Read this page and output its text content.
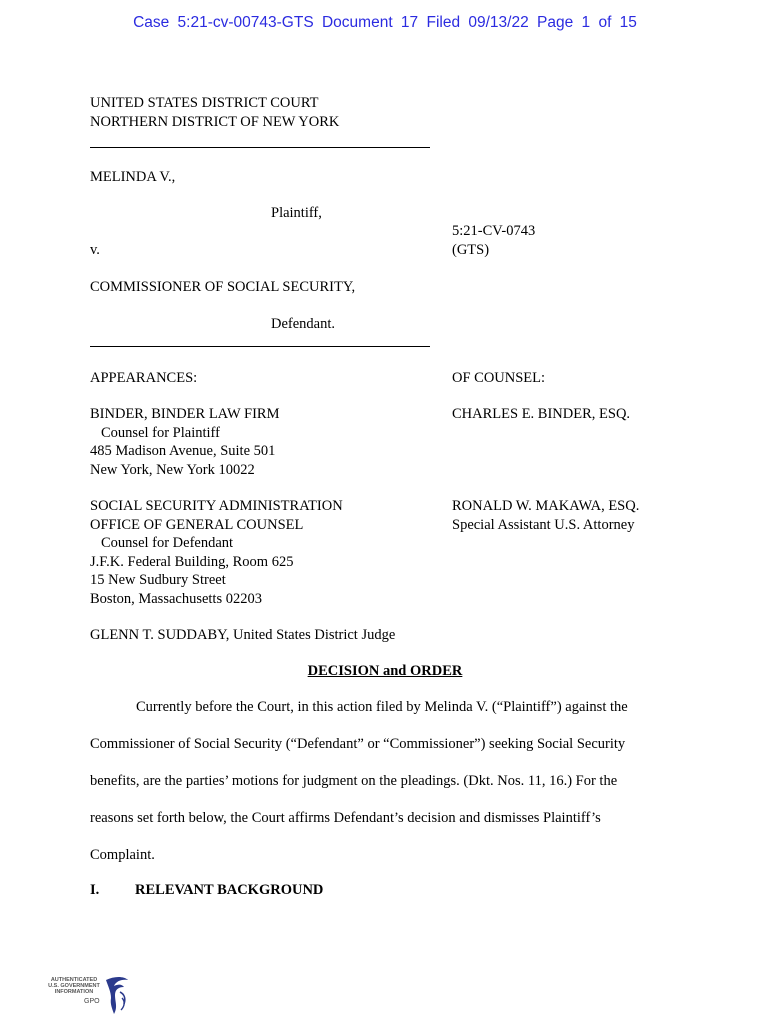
Case 5:21-cv-00743-GTS Document 17 Filed 09/13/22 Page 1 of 15
UNITED STATES DISTRICT COURT
NORTHERN DISTRICT OF NEW YORK
MELINDA V.,
Plaintiff,
v.
5:21-CV-0743
(GTS)
COMMISSIONER OF SOCIAL SECURITY,
Defendant.
APPEARANCES:	OF COUNSEL:
BINDER, BINDER LAW FIRM
Counsel for Plaintiff
485 Madison Avenue, Suite 501
New York, New York 10022
CHARLES E. BINDER, ESQ.
SOCIAL SECURITY ADMINISTRATION
OFFICE OF GENERAL COUNSEL
Counsel for Defendant
J.F.K. Federal Building, Room 625
15 New Sudbury Street
Boston, Massachusetts 02203
RONALD W. MAKAWA, ESQ.
Special Assistant U.S. Attorney
GLENN T. SUDDABY, United States District Judge
DECISION and ORDER
Currently before the Court, in this action filed by Melinda V. (“Plaintiff”) against the
Commissioner of Social Security (“Defendant” or “Commissioner”) seeking Social Security
benefits, are the parties’ motions for judgment on the pleadings. (Dkt. Nos. 11, 16.) For the
reasons set forth below, the Court affirms Defendant’s decision and dismisses Plaintiff’s
Complaint.
I. RELEVANT BACKGROUND
AUTHENTICATED
U.S. GOVERNMENT
INFORMATION
GPO
